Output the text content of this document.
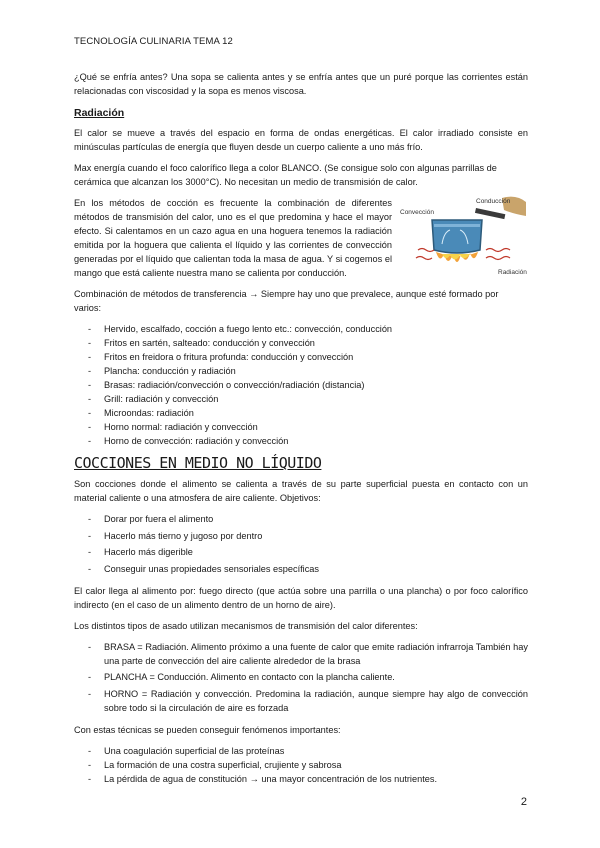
TECNOLOGÍA CULINARIA TEMA 12

¿Qué se enfría antes? Una sopa se calienta antes y se enfría antes que un puré porque las corrientes están relacionadas con viscosidad y la sopa es menos viscosa.

Radiación

El calor se mueve a través del espacio en forma de ondas energéticas. El calor irradiado consiste en minúsculas partículas de energía que fluyen desde un cuerpo caliente a uno más frío.

Max energía cuando el foco calorífico llega a color BLANCO. (Se consigue solo con algunas parrillas de cerámica que alcanzan los 3000°C). No necesitan un medio de transmisión de calor.

Convección
Conducción
Radiación

En los métodos de cocción es frecuente la combinación de diferentes métodos de transmisión del calor, uno es el que predomina y hace el mayor efecto. Si calentamos en un cazo agua en una hoguera tenemos la radiación emitida por la hoguera que calienta el líquido y las corrientes de convección generadas por el líquido que calientan toda la masa de agua. Y si cogemos el mango que está caliente nuestra mano se calienta por conducción.

Combinación de métodos de transferencia → Siempre hay uno que prevalece, aunque esté formado por varios:

- Hervido, escalfado, cocción a fuego lento etc.: convección, conducción
- Fritos en sartén, salteado: conducción y convección
- Fritos en freidora o fritura profunda: conducción y convección
- Plancha: conducción y radiación
- Brasas: radiación/convección o convección/radiación (distancia)
- Grill: radiación y convección
- Microondas: radiación
- Horno normal: radiación y convección
- Horno de convección: radiación y convección
COCCIONES EN MEDIO NO LÍQUIDO

Son cocciones donde el alimento se calienta a través de su parte superficial puesta en contacto con un material caliente o una atmosfera de aire caliente. Objetivos:

- Dorar por fuera el alimento
- Hacerlo más tierno y jugoso por dentro
- Hacerlo más digerible
- Conseguir unas propiedades sensoriales específicas

El calor llega al alimento por: fuego directo (que actúa sobre una parrilla o una plancha) o por foco calorífico indirecto (en el caso de un alimento dentro de un horno de aire).

Los distintos tipos de asado utilizan mecanismos de transmisión del calor diferentes:

- BRASA = Radiación. Alimento próximo a una fuente de calor que emite radiación infrarroja También hay una parte de convección del aire caliente alrededor de la brasa
- PLANCHA = Conducción. Alimento en contacto con la plancha caliente.
- HORNO = Radiación y convección. Predomina la radiación, aunque siempre hay algo de convección sobre todo si la circulación de aire es forzada

Con estas técnicas se pueden conseguir fenómenos importantes:

- Una coagulación superficial de las proteínas
- La formación de una costra superficial, crujiente y sabrosa
- La pérdida de agua de constitución → una mayor concentración de los nutrientes.
2
